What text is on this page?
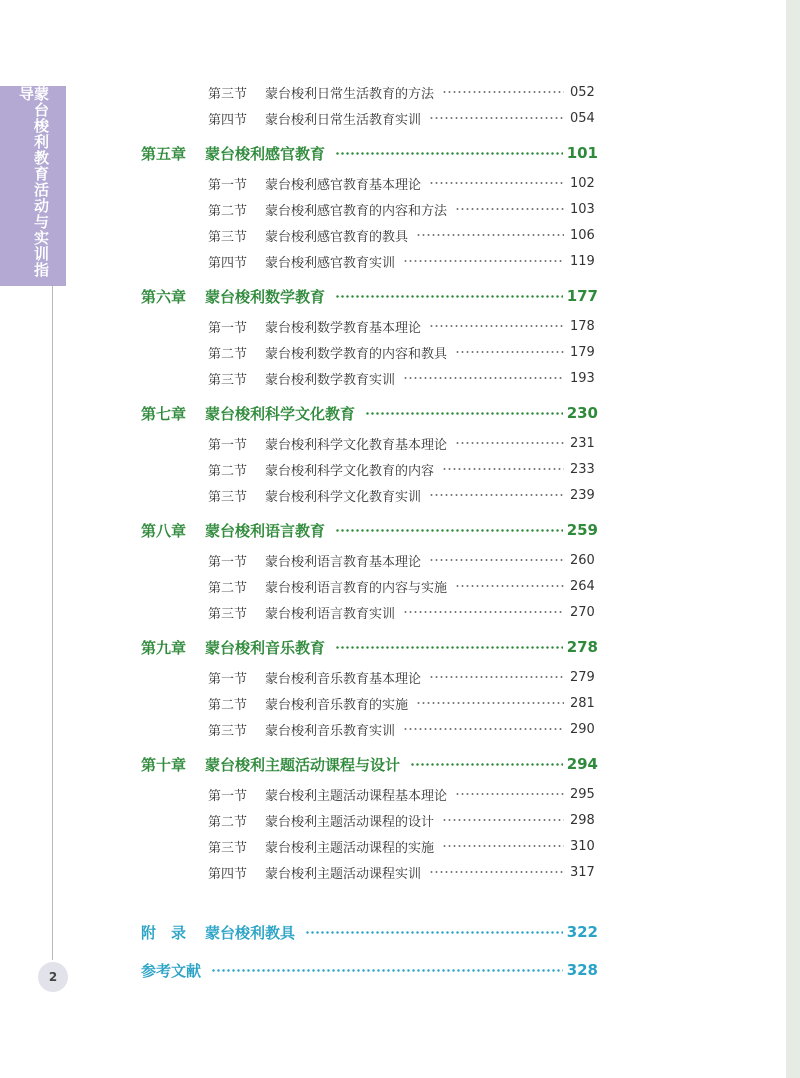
蒙台梭利教育活动与实训指导
2
第三节 蒙台梭利日常生活教育的方法	052
第四节 蒙台梭利日常生活教育实训	054
第五章 蒙台梭利感官教育	101
第一节 蒙台梭利感官教育基本理论	102
第二节 蒙台梭利感官教育的内容和方法	103
第三节 蒙台梭利感官教育的教具	106
第四节 蒙台梭利感官教育实训	119
第六章 蒙台梭利数学教育	177
第一节 蒙台梭利数学教育基本理论	178
第二节 蒙台梭利数学教育的内容和教具	179
第三节 蒙台梭利数学教育实训	193
第七章 蒙台梭利科学文化教育	230
第一节 蒙台梭利科学文化教育基本理论	231
第二节 蒙台梭利科学文化教育的内容	233
第三节 蒙台梭利科学文化教育实训	239
第八章 蒙台梭利语言教育	259
第一节 蒙台梭利语言教育基本理论	260
第二节 蒙台梭利语言教育的内容与实施	264
第三节 蒙台梭利语言教育实训	270
第九章 蒙台梭利音乐教育	278
第一节 蒙台梭利音乐教育基本理论	279
第二节 蒙台梭利音乐教育的实施	281
第三节 蒙台梭利音乐教育实训	290
第十章 蒙台梭利主题活动课程与设计	294
第一节 蒙台梭利主题活动课程基本理论	295
第二节 蒙台梭利主题活动课程的设计	298
第三节 蒙台梭利主题活动课程的实施	310
第四节 蒙台梭利主题活动课程实训	317
附　录 蒙台梭利教具	322
参考文献	328
